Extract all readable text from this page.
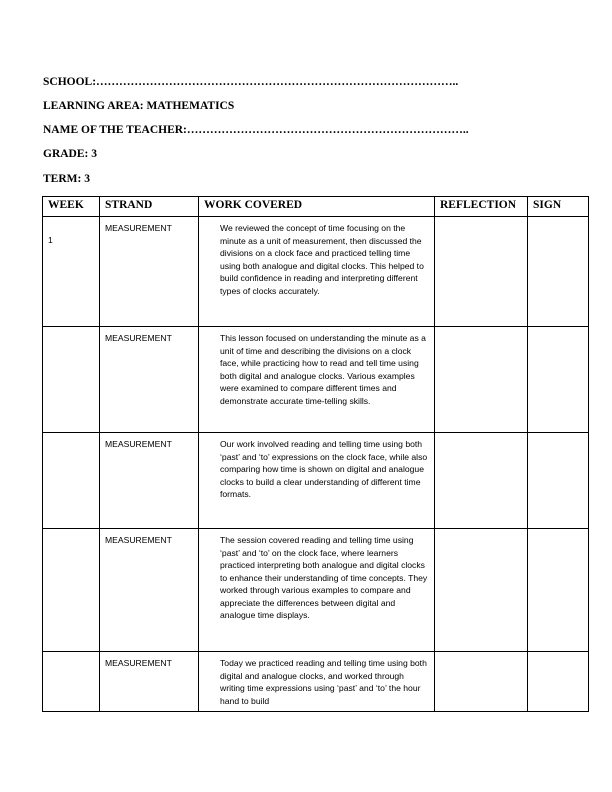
SCHOOL:…………………………………………………………………………………..
LEARNING AREA: MATHEMATICS
NAME OF THE TEACHER:………………………………………………………………..
GRADE: 3
TERM: 3
WEEK	STRAND	WORK COVERED	REFLECTION	SIGN
1	MEASUREMENT	We reviewed the concept of time focusing on the minute as a unit of measurement, then discussed the divisions on a clock face and practiced telling time using both analogue and digital clocks. This helped to build confidence in reading and interpreting different types of clocks accurately.		
	MEASUREMENT	This lesson focused on understanding the minute as a unit of time and describing the divisions on a clock face, while practicing how to read and tell time using both digital and analogue clocks. Various examples were examined to compare different times and demonstrate accurate time-telling skills.		
	MEASUREMENT	Our work involved reading and telling time using both ‘past’ and ‘to’ expressions on the clock face, while also comparing how time is shown on digital and analogue clocks to build a clear understanding of different time formats.		
	MEASUREMENT	The session covered reading and telling time using ‘past’ and ‘to’ on the clock face, where learners practiced interpreting both analogue and digital clocks to enhance their understanding of time concepts. They worked through various examples to compare and appreciate the differences between digital and analogue time displays.		
	MEASUREMENT	Today we practiced reading and telling time using both digital and analogue clocks, and worked through writing time expressions using ‘past’ and ‘to’ the hour hand to build		
